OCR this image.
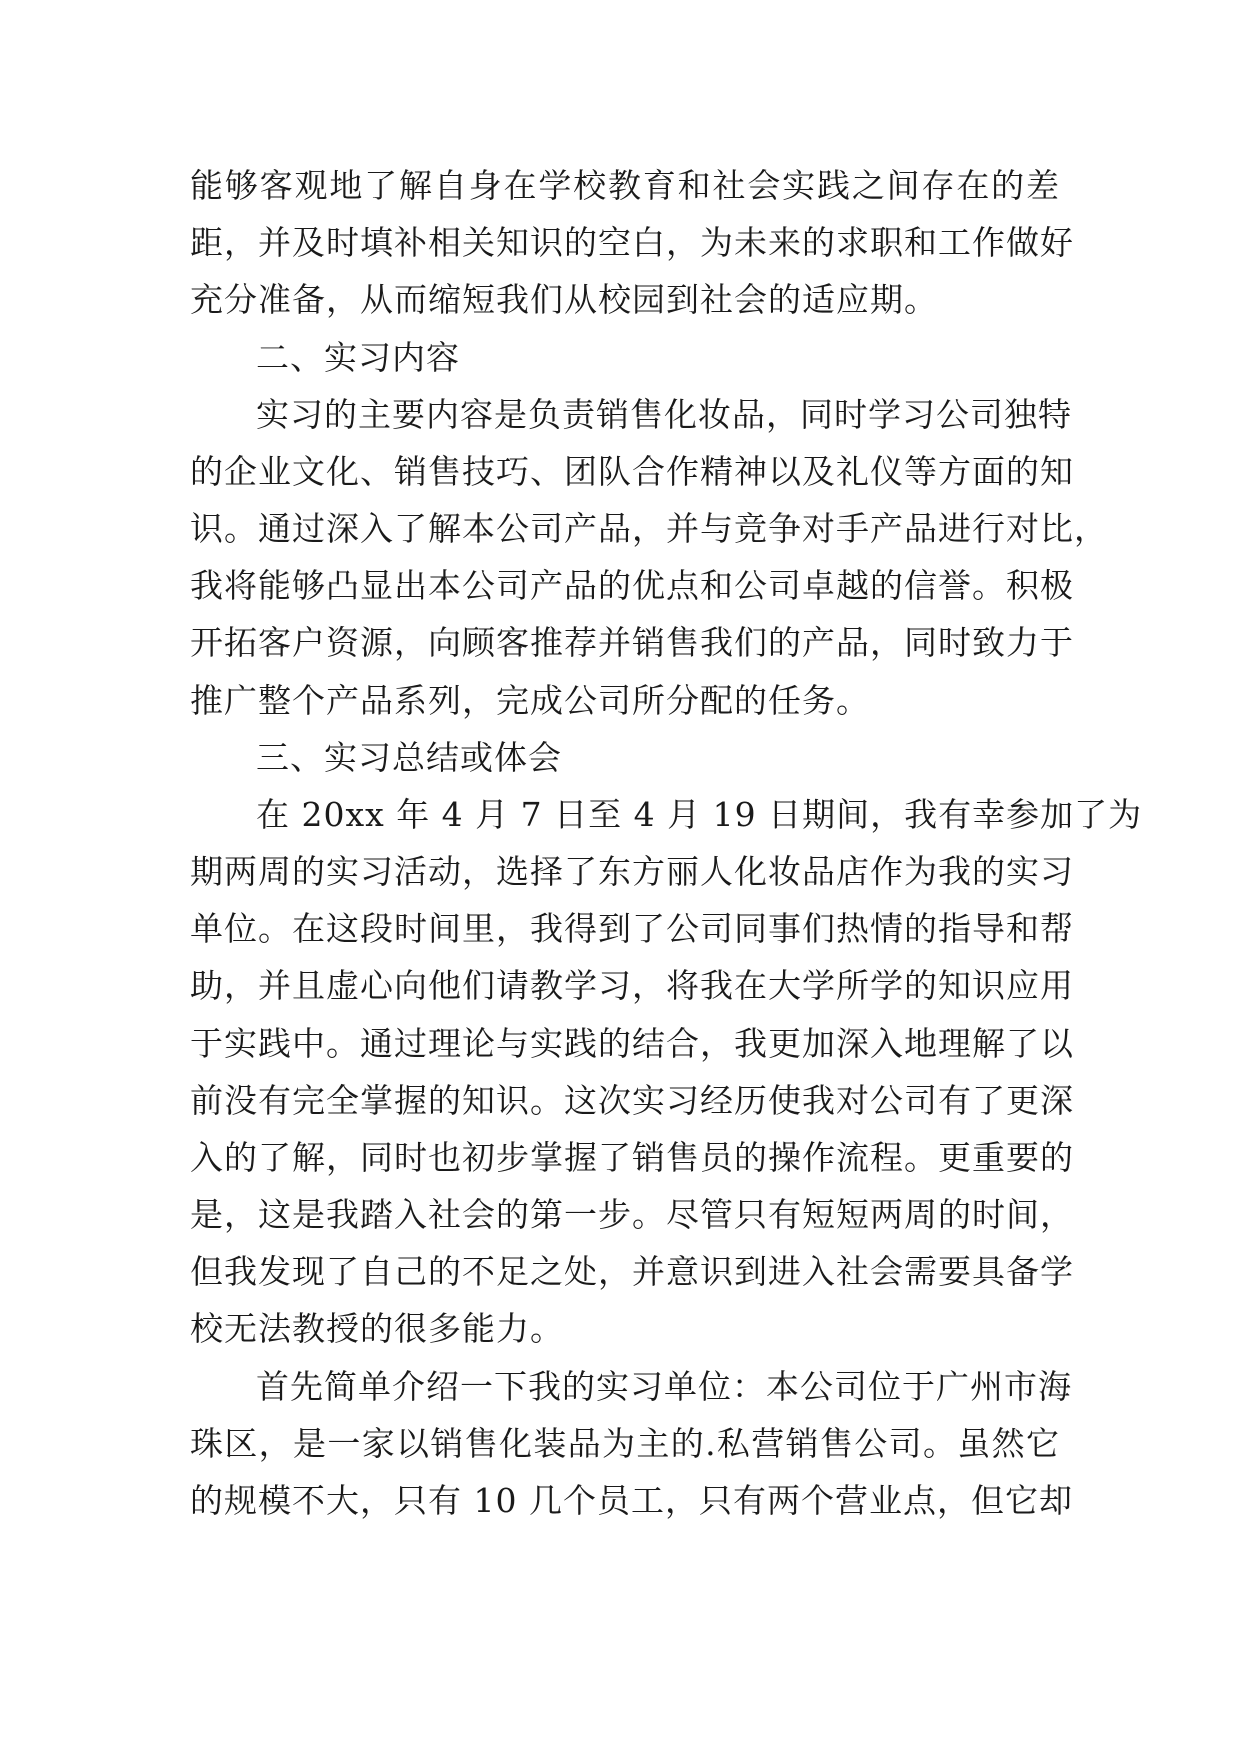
能够客观地了解自身在学校教育和社会实践之间存在的差
距，并及时填补相关知识的空白，为未来的求职和工作做好
充分准备，从而缩短我们从校园到社会的适应期。
二、实习内容
实习的主要内容是负责销售化妆品，同时学习公司独特
的企业文化、销售技巧、团队合作精神以及礼仪等方面的知
识。通过深入了解本公司产品，并与竞争对手产品进行对比，
我将能够凸显出本公司产品的优点和公司卓越的信誉。积极
开拓客户资源，向顾客推荐并销售我们的产品，同时致力于
推广整个产品系列，完成公司所分配的任务。
三、实习总结或体会
在 20xx 年 4 月 7 日至 4 月 19 日期间，我有幸参加了为
期两周的实习活动，选择了东方丽人化妆品店作为我的实习
单位。在这段时间里，我得到了公司同事们热情的指导和帮
助，并且虚心向他们请教学习，将我在大学所学的知识应用
于实践中。通过理论与实践的结合，我更加深入地理解了以
前没有完全掌握的知识。这次实习经历使我对公司有了更深
入的了解，同时也初步掌握了销售员的操作流程。更重要的
是，这是我踏入社会的第一步。尽管只有短短两周的时间，
但我发现了自己的不足之处，并意识到进入社会需要具备学
校无法教授的很多能力。
首先简单介绍一下我的实习单位：本公司位于广州市海
珠区，是一家以销售化装品为主的.私营销售公司。虽然它
的规模不大，只有 10 几个员工，只有两个营业点，但它却
